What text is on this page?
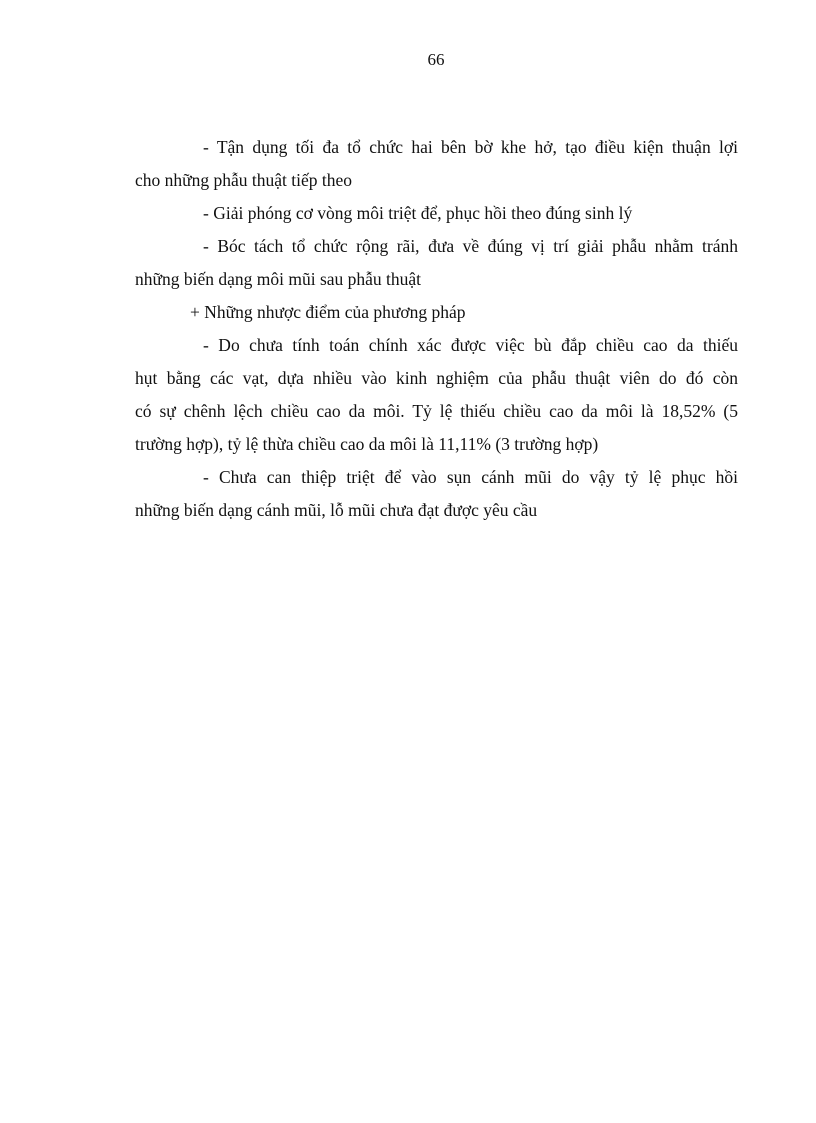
66
- Tận dụng tối đa tổ chức hai bên bờ khe hở, tạo điều kiện thuận lợi
cho những phẫu thuật tiếp theo
- Giải phóng cơ vòng môi triệt để, phục hồi theo đúng sinh lý
- Bóc tách tổ chức rộng rãi, đưa về đúng vị trí giải phẫu nhằm tránh
những biến dạng môi mũi sau phẫu thuật
+ Những nhược điểm của phương pháp
- Do chưa tính toán chính xác được việc bù đắp chiều cao da thiếu
hụt bằng các vạt, dựa nhiều vào kinh nghiệm của phẫu thuật viên do đó còn
có sự chênh lệch chiều cao da môi. Tỷ lệ thiếu chiều cao da môi là 18,52% (5
trường hợp), tỷ lệ thừa chiều cao da môi là 11,11% (3 trường hợp)
- Chưa can thiệp triệt để vào sụn cánh mũi do vậy tỷ lệ phục hồi
những biến dạng cánh mũi, lỗ mũi chưa đạt được yêu cầu
